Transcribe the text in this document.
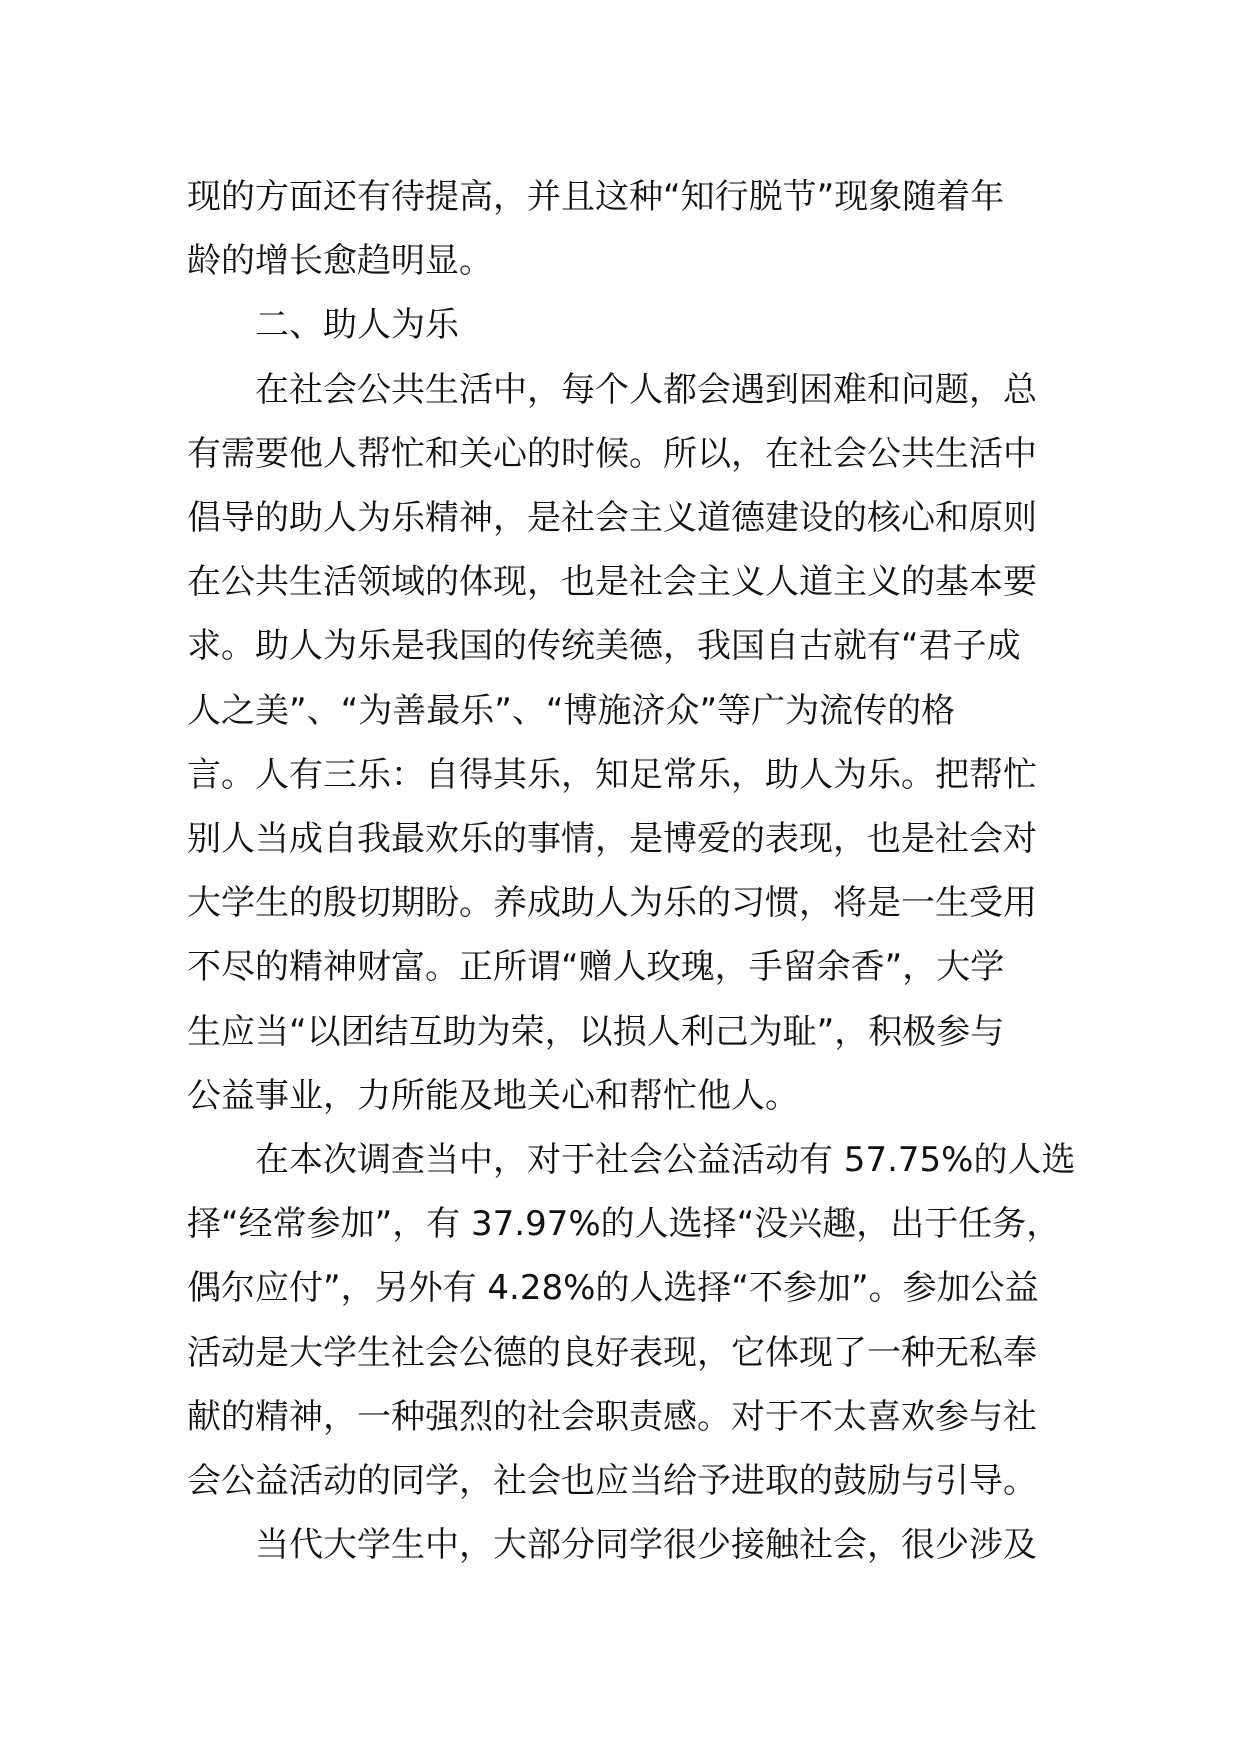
现的方面还有待提高，并且这种“知行脱节”现象随着年

龄的增长愈趋明显。

二、助人为乐

在社会公共生活中，每个人都会遇到困难和问题，总

有需要他人帮忙和关心的时候。所以，在社会公共生活中

倡导的助人为乐精神，是社会主义道德建设的核心和原则

在公共生活领域的体现，也是社会主义人道主义的基本要

求。助人为乐是我国的传统美德，我国自古就有“君子成

人之美”、“为善最乐”、“博施济众”等广为流传的格

言。人有三乐：自得其乐，知足常乐，助人为乐。把帮忙

别人当成自我最欢乐的事情，是博爱的表现，也是社会对

大学生的殷切期盼。养成助人为乐的习惯，将是一生受用

不尽的精神财富。正所谓“赠人玫瑰，手留余香”，大学

生应当“以团结互助为荣，以损人利己为耻”，积极参与

公益事业，力所能及地关心和帮忙他人。

在本次调查当中，对于社会公益活动有 57.75%的人选

择“经常参加”，有 37.97%的人选择“没兴趣，出于任务，

偶尔应付”，另外有 4.28%的人选择“不参加”。参加公益

活动是大学生社会公德的良好表现，它体现了一种无私奉

献的精神，一种强烈的社会职责感。对于不太喜欢参与社

会公益活动的同学，社会也应当给予进取的鼓励与引导。

当代大学生中，大部分同学很少接触社会，很少涉及
